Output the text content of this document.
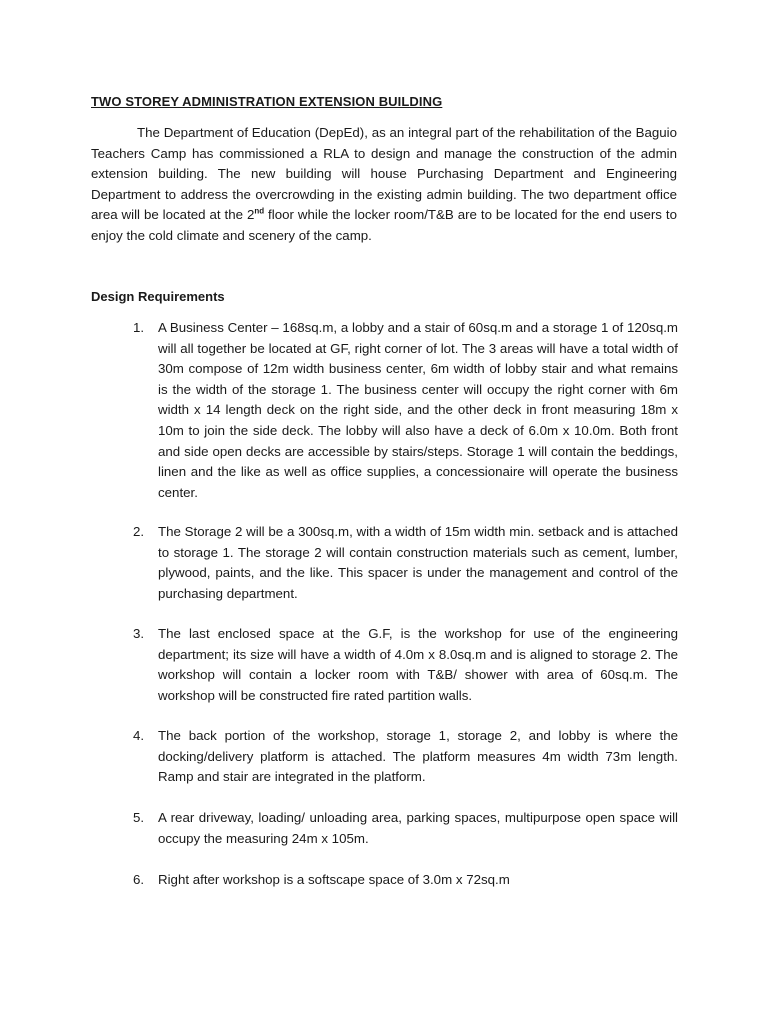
TWO STOREY ADMINISTRATION EXTENSION BUILDING

The Department of Education (DepEd), as an integral part of the rehabilitation of the Baguio Teachers Camp has commissioned a RLA to design and manage the construction of the admin extension building. The new building will house Purchasing Department and Engineering Department to address the overcrowding in the existing admin building. The two department office area will be located at the 2nd floor while the locker room/T&B are to be located for the end users to enjoy the cold climate and scenery of the camp.

Design Requirements
1. A Business Center – 168sq.m, a lobby and a stair of 60sq.m and a storage 1 of 120sq.m will all together be located at GF, right corner of lot. The 3 areas will have a total width of 30m compose of 12m width business center, 6m width of lobby stair and what remains is the width of the storage 1. The business center will occupy the right corner with 6m width x 14 length deck on the right side, and the other deck in front measuring 18m x 10m to join the side deck. The lobby will also have a deck of 6.0m x 10.0m. Both front and side open decks are accessible by stairs/steps. Storage 1 will contain the beddings, linen and the like as well as office supplies, a concessionaire will operate the business center.

2. The Storage 2 will be a 300sq.m, with a width of 15m width min. setback and is attached to storage 1. The storage 2 will contain construction materials such as cement, lumber, plywood, paints, and the like. This spacer is under the management and control of the purchasing department.

3. The last enclosed space at the G.F, is the workshop for use of the engineering department; its size will have a width of 4.0m x 8.0sq.m and is aligned to storage 2. The workshop will contain a locker room with T&B/ shower with area of 60sq.m. The workshop will be constructed fire rated partition walls.

4. The back portion of the workshop, storage 1, storage 2, and lobby is where the docking/delivery platform is attached. The platform measures 4m width 73m length. Ramp and stair are integrated in the platform.

5. A rear driveway, loading/ unloading area, parking spaces, multipurpose open space will occupy the measuring 24m x 105m.

6. Right after workshop is a softscape space of 3.0m x 72sq.m
